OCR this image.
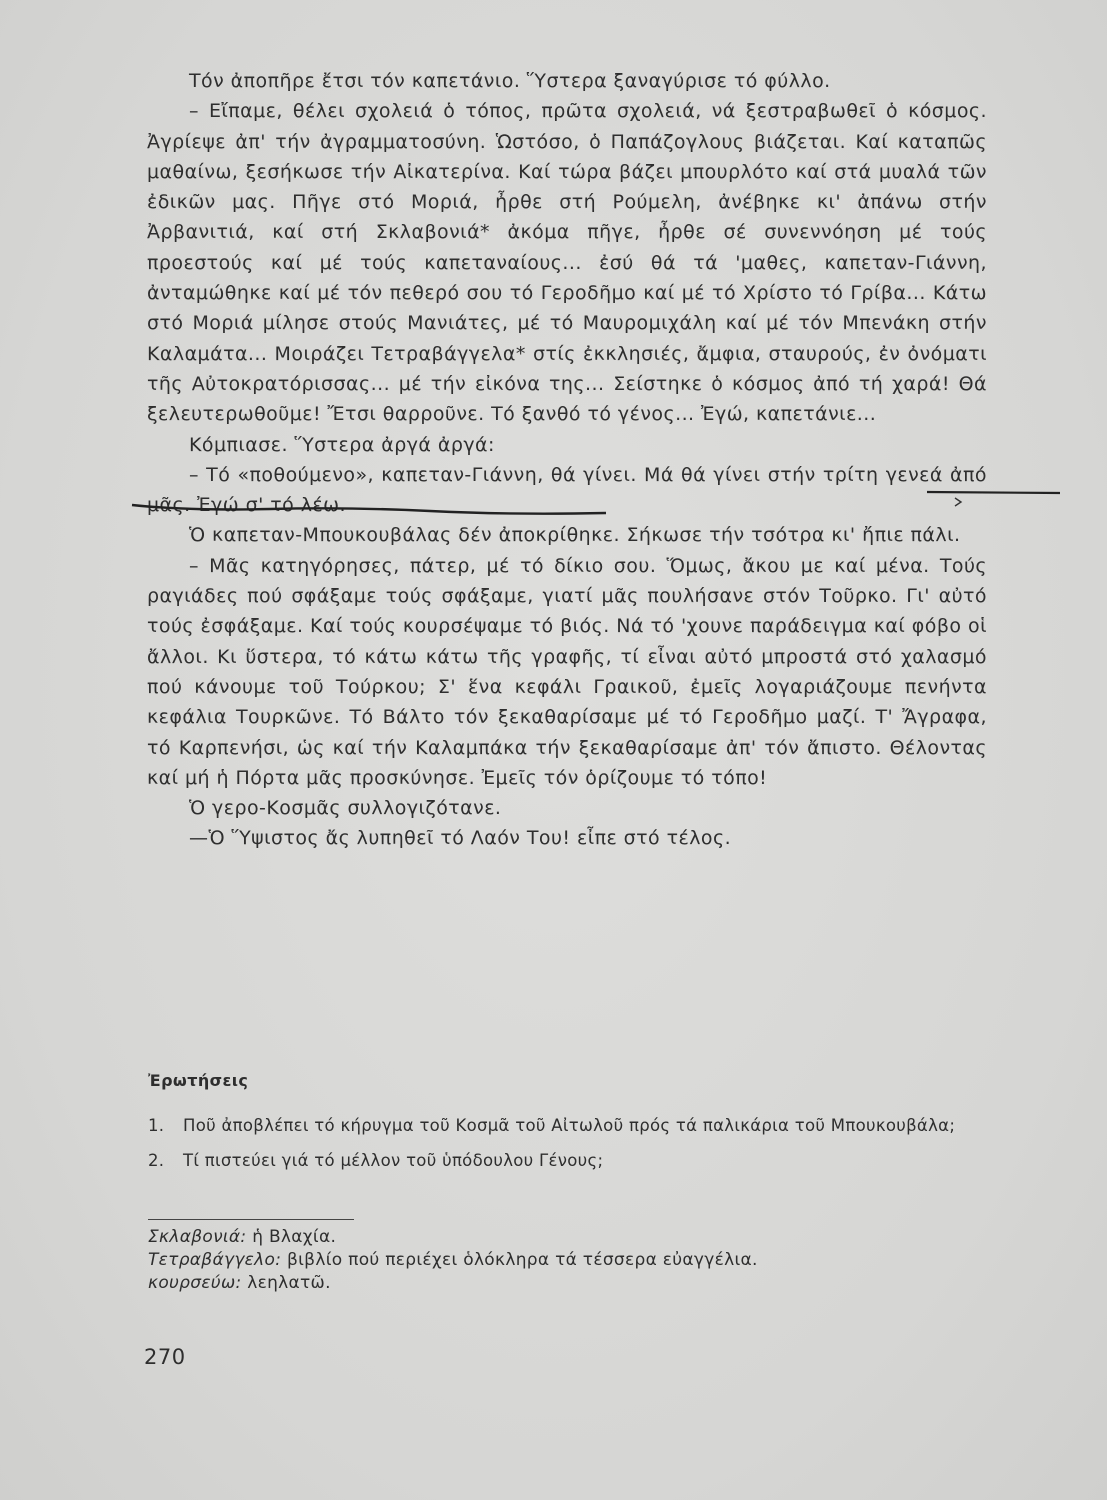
Τόν ἀποπῆρε ἔτσι τόν καπετάνιο. Ὕστερα ξαναγύρισε τό φύλλο.

– Εἴπαμε, θέλει σχολειά ὁ τόπος, πρῶτα σχολειά, νά ξεστραβωθεῖ ὁ κόσμος. Ἀγρίεψε ἀπ' τήν ἀγραμματοσύνη. Ὡστόσο, ὁ Παπάζογλους βιάζεται. Καί καταπῶς μαθαίνω, ξεσήκωσε τήν Αἰκατερίνα. Καί τώρα βάζει μπουρλότο καί στά μυαλά τῶν ἐδικῶν μας. Πῆγε στό Μοριά, ἦρθε στή Ρούμελη, ἀνέβηκε κι' ἀπάνω στήν Ἀρβανιτιά, καί στή Σκλαβονιά* ἀκόμα πῆγε, ἦρθε σέ συνεννόηση μέ τούς προεστούς καί μέ τούς καπεταναίους... ἐσύ θά τά 'μαθες, καπεταν-Γιάννη, ἀνταμώθηκε καί μέ τόν πεθερό σου τό Γεροδῆμο καί μέ τό Χρίστο τό Γρίβα... Κάτω στό Μοριά μίλησε στούς Μανιάτες, μέ τό Μαυρομιχάλη καί μέ τόν Μπενάκη στήν Καλαμάτα... Μοιράζει Τετραβάγγελα* στίς ἐκκλησιές, ἄμφια, σταυρούς, ἐν ὀνόματι τῆς Αὐτοκρατόρισσας... μέ τήν εἰκόνα της... Σείστηκε ὁ κόσμος ἀπό τή χαρά! Θά ξελευτερωθοῦμε! Ἔτσι θαρροῦνε. Τό ξανθό τό γένος... Ἐγώ, καπετάνιε...

Κόμπιασε. Ὕστερα ἀργά ἀργά:

– Τό «ποθούμενο», καπεταν-Γιάννη, θά γίνει. Μά θά γίνει στήν τρίτη γενεά ἀπό μᾶς. Ἐγώ σ' τό λέω.

Ὁ καπεταν-Μπουκουβάλας δέν ἀποκρίθηκε. Σήκωσε τήν τσότρα κι' ἤπιε πάλι.

– Μᾶς κατηγόρησες, πάτερ, μέ τό δίκιο σου. Ὅμως, ἄκου με καί μένα. Τούς ραγιάδες πού σφάξαμε τούς σφάξαμε, γιατί μᾶς πουλήσανε στόν Τοῦρκο. Γι' αὐτό τούς ἐσφάξαμε. Καί τούς κουρσέψαμε τό βιός. Νά τό 'χουνε παράδειγμα καί φόβο οἱ ἄλλοι. Κι ὕστερα, τό κάτω κάτω τῆς γραφῆς, τί εἶναι αὐτό μπροστά στό χαλασμό πού κάνουμε τοῦ Τούρκου; Σ' ἕνα κεφάλι Γραικοῦ, ἐμεῖς λογαριάζουμε πενήντα κεφάλια Τουρκῶνε. Τό Βάλτο τόν ξεκαθαρίσαμε μέ τό Γεροδῆμο μαζί. Τ' Ἄγραφα, τό Καρπενήσι, ὡς καί τήν Καλαμπάκα τήν ξεκαθαρίσαμε ἀπ' τόν ἄπιστο. Θέλοντας καί μή ἡ Πόρτα μᾶς προσκύνησε. Ἐμεῖς τόν ὁρίζουμε τό τόπο!

Ὁ γερο-Κοσμᾶς συλλογιζότανε.

—Ὁ Ὕψιστος ἄς λυπηθεῖ τό Λαόν Του! εἶπε στό τέλος.

Ἐρωτήσεις
1.	Ποῦ ἀποβλέπει τό κήρυγμα τοῦ Κοσμᾶ τοῦ Αἰτωλοῦ πρός τά παλικάρια τοῦ Μπουκουβάλα;
2.	Τί πιστεύει γιά τό μέλλον τοῦ ὑπόδουλου Γένους;
Σκλαβονιά: ἡ Βλαχία.
Τετραβάγγελο: βιβλίο πού περιέχει ὁλόκληρα τά τέσσερα εὐαγγέλια.
κουρσεύω: λεηλατῶ.
270
